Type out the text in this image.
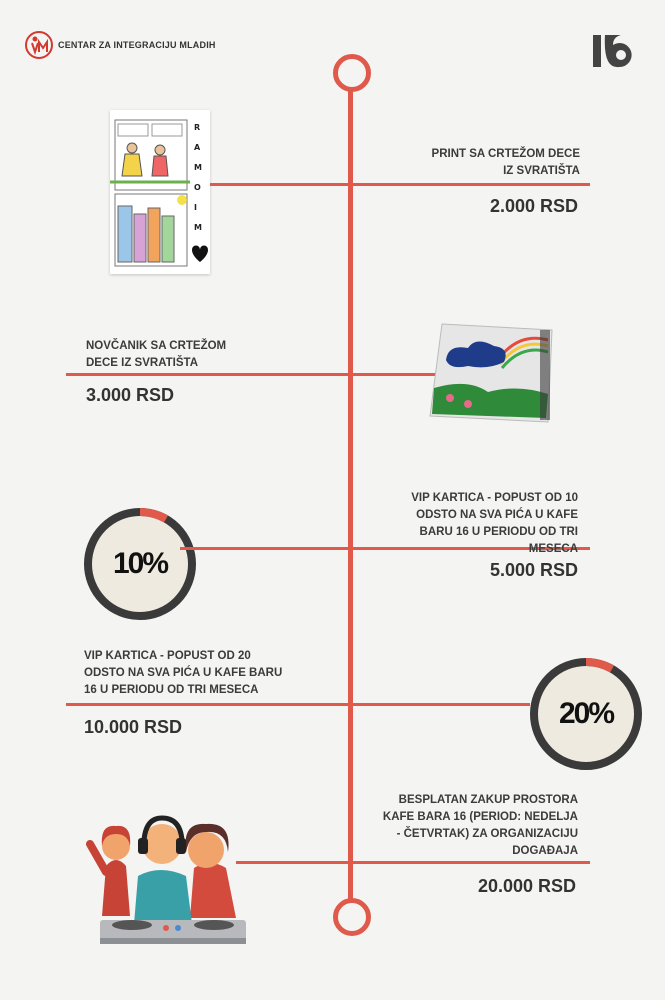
CENTAR ZA INTEGRACIJU MLADIH
R
A
M
O
I
M
PRINT SA CRTEŽOM DECE IZ SVRATIŠTA
2.000 RSD
NOVČANIK SA CRTEŽOM DECE IZ SVRATIŠTA
3.000 RSD
10%
VIP KARTICA - POPUST OD 10 ODSTO NA SVA PIĆA U KAFE BARU 16 U PERIODU OD TRI MESECA
5.000 RSD
VIP KARTICA - POPUST OD 20 ODSTO NA SVA PIĆA U KAFE BARU 16 U PERIODU OD TRI MESECA
10.000 RSD	20%
BESPLATAN ZAKUP PROSTORA KAFE BARA 16 (PERIOD: NEDELJA - ČETVRTAK) ZA ORGANIZACIJU DOGAĐAJA
20.000 RSD
